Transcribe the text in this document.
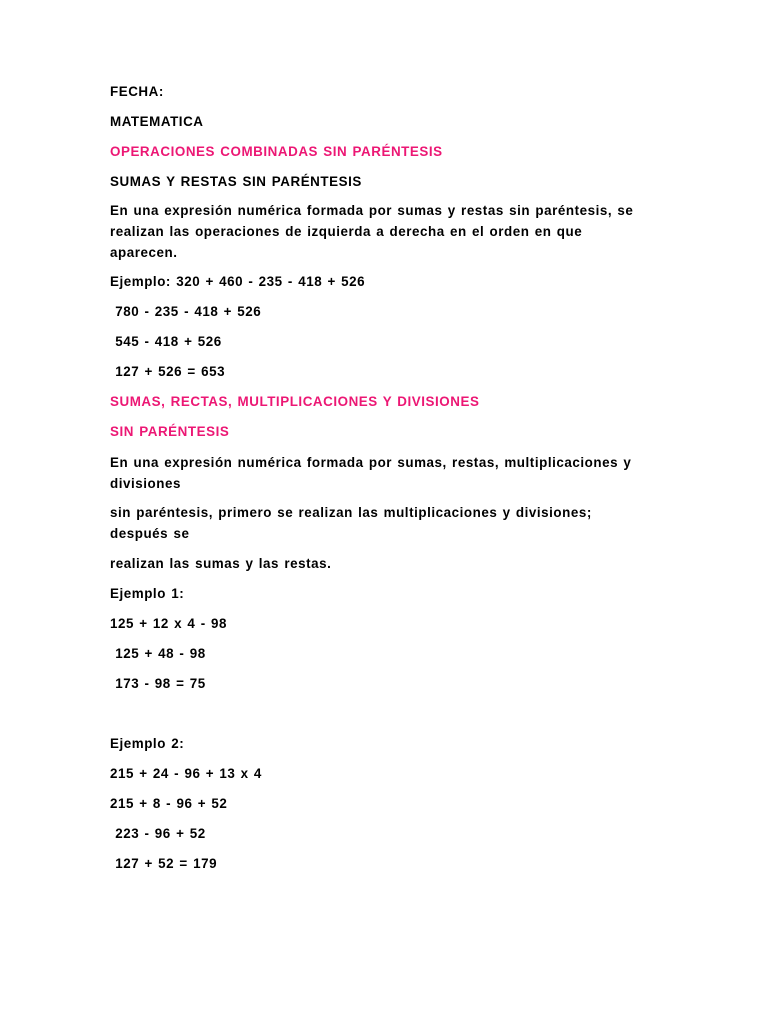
FECHA:
MATEMATICA
OPERACIONES COMBINADAS SIN PARÉNTESIS
SUMAS Y RESTAS SIN PARÉNTESIS
En una expresión numérica formada por sumas y restas sin paréntesis, se realizan las operaciones de izquierda a derecha en el orden en que aparecen.
Ejemplo: 320 + 460 - 235 - 418 + 526
780 - 235 - 418 + 526
545 - 418 + 526
127 + 526 = 653
SUMAS, RECTAS, MULTIPLICACIONES Y DIVISIONES
SIN PARÉNTESIS
En una expresión numérica formada por sumas, restas, multiplicaciones y divisiones
sin paréntesis, primero se realizan las multiplicaciones y divisiones; después se
realizan las sumas y las restas.
Ejemplo 1:
125 + 12 x 4 - 98
125 + 48 - 98
173 - 98 = 75
Ejemplo 2:
215 + 24 - 96 + 13 x 4
215 + 8 - 96 + 52
223 - 96 + 52
127 + 52 = 179
